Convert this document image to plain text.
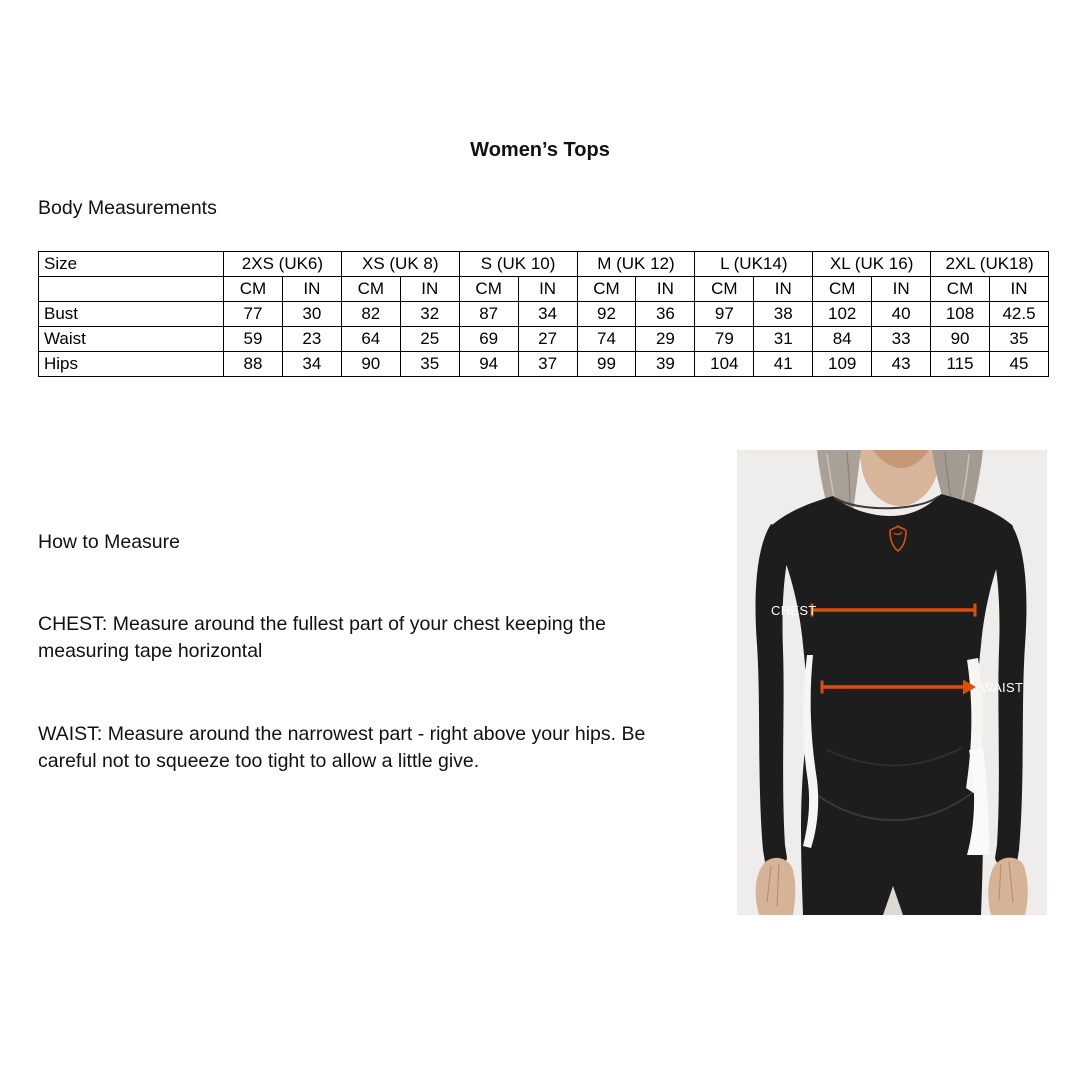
Women’s Tops
Body Measurements
Size	2XS (UK6)		XS (UK 8)		S (UK 10)		M (UK 12)		L (UK14)		XL (UK 16)		2XL (UK18)	
	CM	IN	CM	IN	CM	IN	CM	IN	CM	IN	CM	IN	CM	IN
Bust	77	30	82	32	87	34	92	36	97	38	102	40	108	42.5
Waist	59	23	64	25	69	27	74	29	79	31	84	33	90	35
Hips	88	34	90	35	94	37	99	39	104	41	109	43	115	45
How to Measure
CHEST: Measure around the fullest part of your chest keeping the measuring tape horizontal
WAIST: Measure around the narrowest part - right above your hips. Be careful not to squeeze too tight to allow a little give.
CHEST
WAIST
